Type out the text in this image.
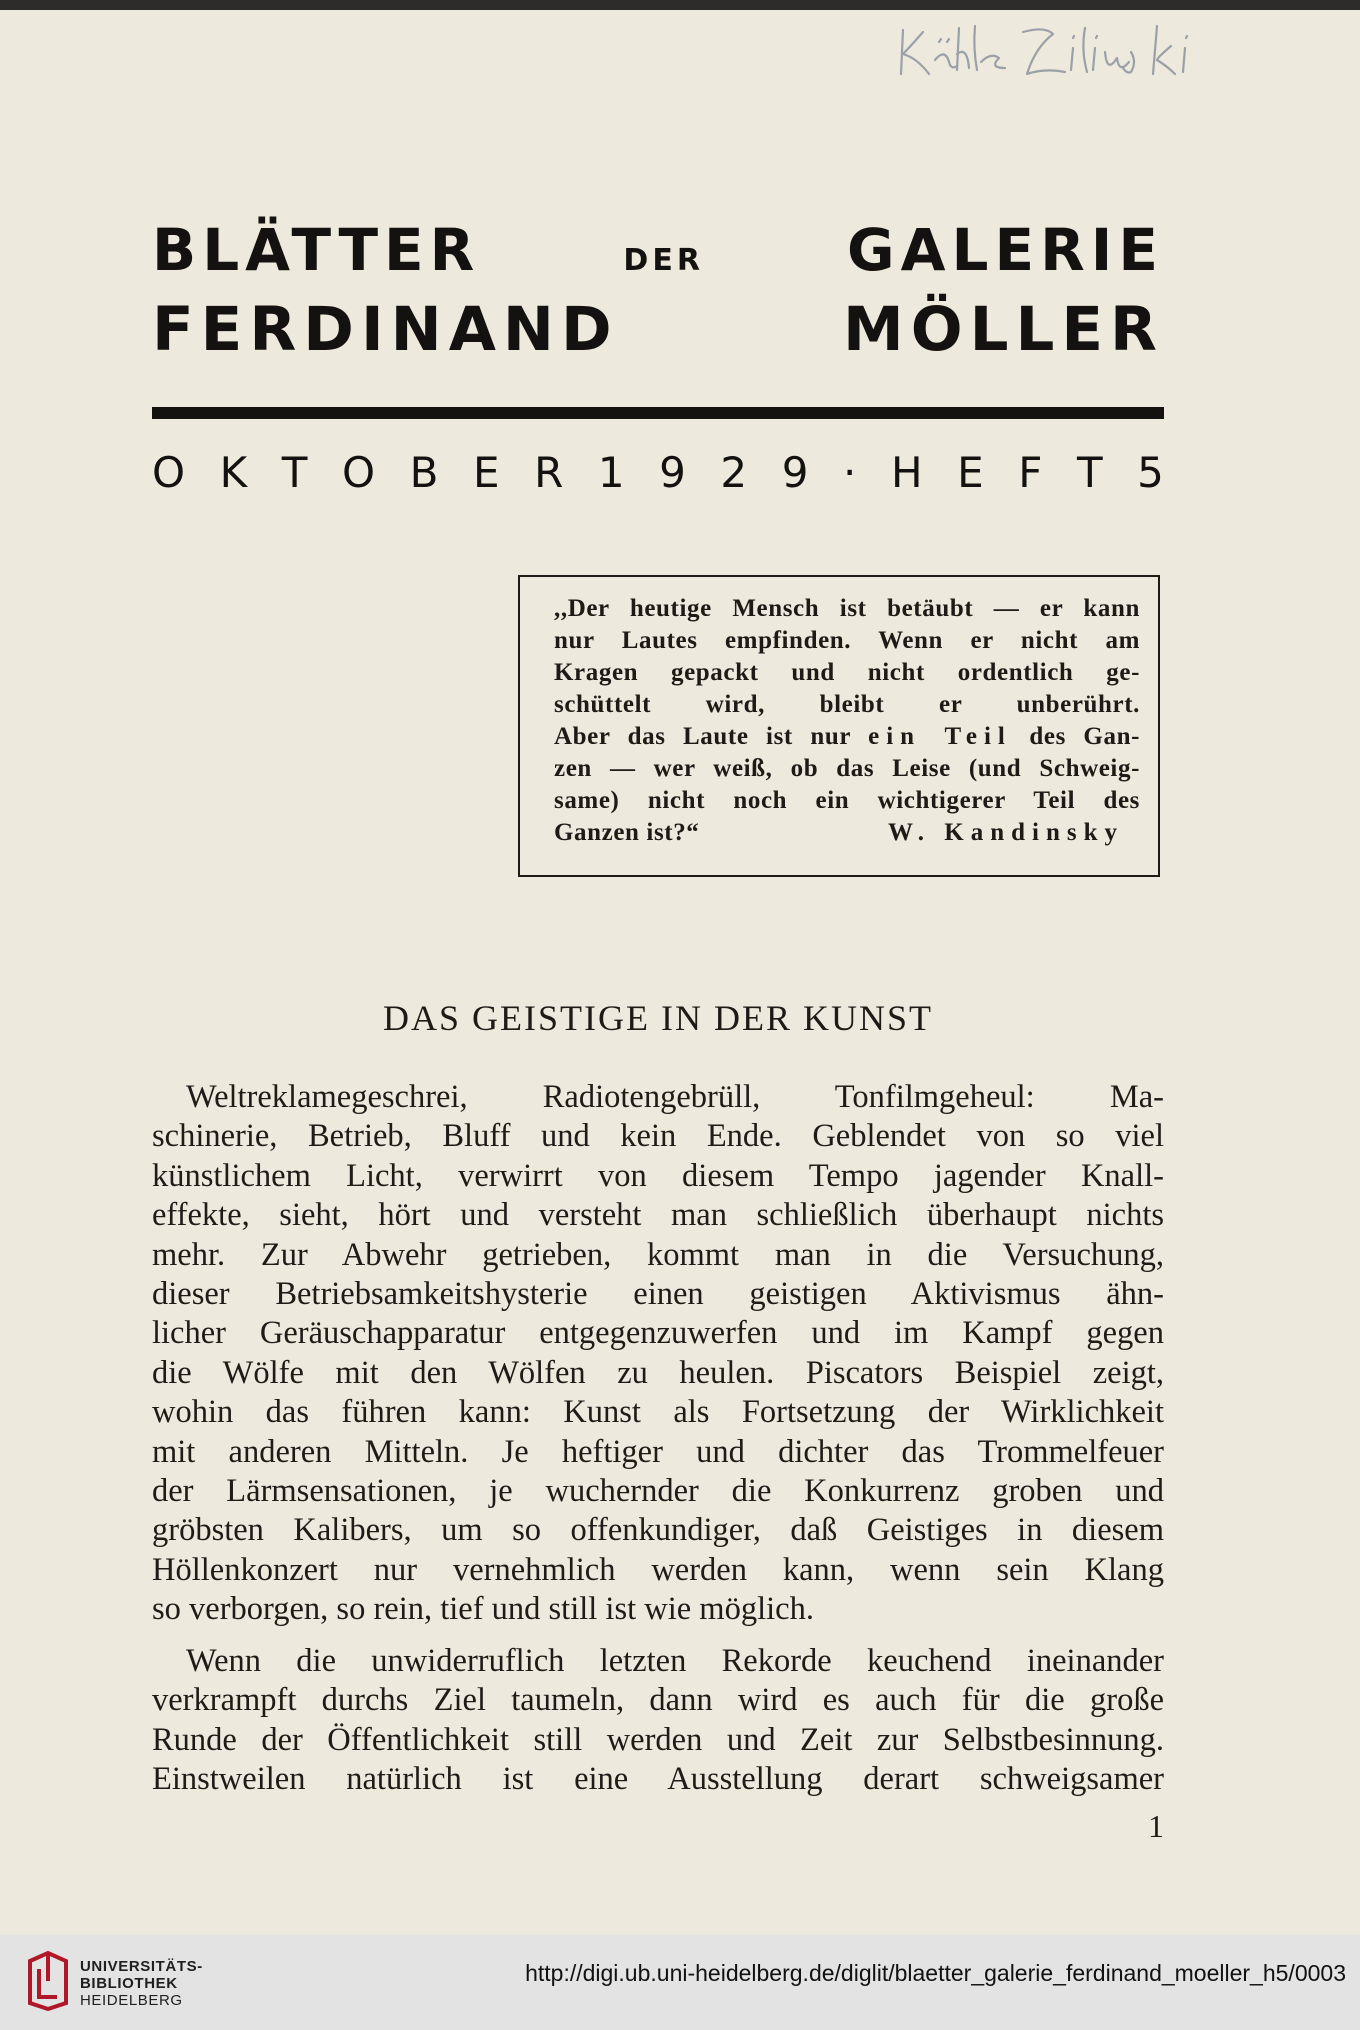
BLÄTTER	DER GALERIE
FERDINAND MÖLLER
O K T O B E R 1 9 2 9 · H E F T 5
,,Der heutige Mensch ist betäubt — er kann
nur Lautes empfinden. Wenn er nicht am
Kragen gepackt und nicht ordentlich ge-
schüttelt wird, bleibt er unberührt.
Aber das Laute ist nur ein Teil des Gan-
zen — wer weiß, ob das Leise (und Schweig-
same) nicht noch ein wichtigerer Teil des
Ganzen ist?“	W. Kandinsky
DAS GEISTIGE IN DER KUNST
Weltreklamegeschrei, Radiotengebrüll, Tonfilmgeheul: Ma-
schinerie, Betrieb, Bluff und kein Ende. Geblendet von so viel
künstlichem Licht, verwirrt von diesem Tempo jagender Knall-
effekte, sieht, hört und versteht man schließlich überhaupt nichts
mehr. Zur Abwehr getrieben, kommt man in die Versuchung,
dieser Betriebsamkeitshysterie einen geistigen Aktivismus ähn-
licher Geräuschapparatur entgegenzuwerfen und im Kampf gegen
die Wölfe mit den Wölfen zu heulen. Piscators Beispiel zeigt,
wohin das führen kann: Kunst als Fortsetzung der Wirklichkeit
mit anderen Mitteln. Je heftiger und dichter das Trommelfeuer
der Lärmsensationen, je wuchernder die Konkurrenz groben und
gröbsten Kalibers, um so offenkundiger, daß Geistiges in diesem
Höllenkonzert nur vernehmlich werden kann, wenn sein Klang
so verborgen, so rein, tief und still ist wie möglich.
Wenn die unwiderruflich letzten Rekorde keuchend ineinander
verkrampft durchs Ziel taumeln, dann wird es auch für die große
Runde der Öffentlichkeit still werden und Zeit zur Selbstbesinnung.
Einstweilen natürlich ist eine Ausstellung derart schweigsamer
1
UNIVERSITÄTS-
BIBLIOTHEK
HEIDELBERG
http://digi.ub.uni-heidelberg.de/diglit/blaetter_galerie_ferdinand_moeller_h5/0003
